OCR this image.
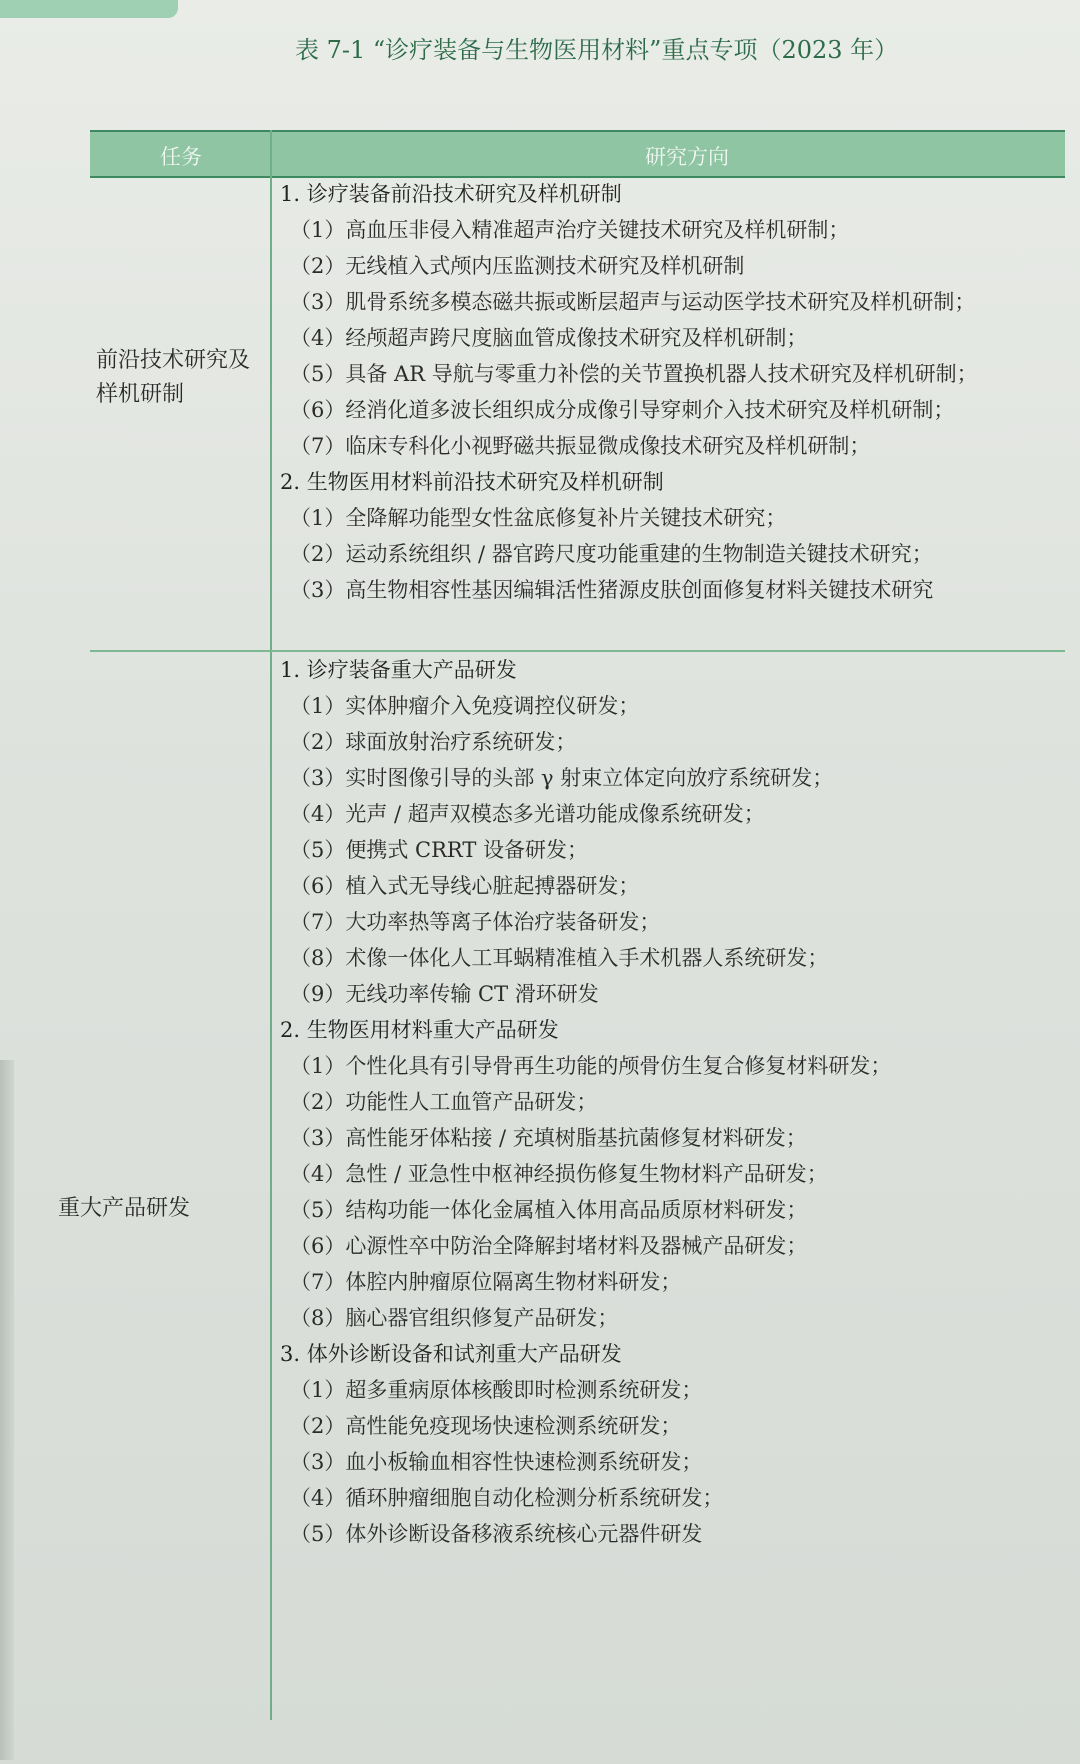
表 7-1 “诊疗装备与生物医用材料”重点专项（2023 年）
任务	研究方向
前沿技术研究及样机研制
1. 诊疗装备前沿技术研究及样机研制
（1）高血压非侵入精准超声治疗关键技术研究及样机研制；
（2）无线植入式颅内压监测技术研究及样机研制
（3）肌骨系统多模态磁共振或断层超声与运动医学技术研究及样机研制；
（4）经颅超声跨尺度脑血管成像技术研究及样机研制；
（5）具备 AR 导航与零重力补偿的关节置换机器人技术研究及样机研制；
（6）经消化道多波长组织成分成像引导穿刺介入技术研究及样机研制；
（7）临床专科化小视野磁共振显微成像技术研究及样机研制；
2. 生物医用材料前沿技术研究及样机研制
（1）全降解功能型女性盆底修复补片关键技术研究；
（2）运动系统组织 / 器官跨尺度功能重建的生物制造关键技术研究；
（3）高生物相容性基因编辑活性猪源皮肤创面修复材料关键技术研究
重大产品研发
1. 诊疗装备重大产品研发
（1）实体肿瘤介入免疫调控仪研发；
（2）球面放射治疗系统研发；
（3）实时图像引导的头部 γ 射束立体定向放疗系统研发；
（4）光声 / 超声双模态多光谱功能成像系统研发；
（5）便携式 CRRT 设备研发；
（6）植入式无导线心脏起搏器研发；
（7）大功率热等离子体治疗装备研发；
（8）术像一体化人工耳蜗精准植入手术机器人系统研发；
（9）无线功率传输 CT 滑环研发
2. 生物医用材料重大产品研发
（1）个性化具有引导骨再生功能的颅骨仿生复合修复材料研发；
（2）功能性人工血管产品研发；
（3）高性能牙体粘接 / 充填树脂基抗菌修复材料研发；
（4）急性 / 亚急性中枢神经损伤修复生物材料产品研发；
（5）结构功能一体化金属植入体用高品质原材料研发；
（6）心源性卒中防治全降解封堵材料及器械产品研发；
（7）体腔内肿瘤原位隔离生物材料研发；
（8）脑心器官组织修复产品研发；
3. 体外诊断设备和试剂重大产品研发
（1）超多重病原体核酸即时检测系统研发；
（2）高性能免疫现场快速检测系统研发；
（3）血小板输血相容性快速检测系统研发；
（4）循环肿瘤细胞自动化检测分析系统研发；
（5）体外诊断设备移液系统核心元器件研发
